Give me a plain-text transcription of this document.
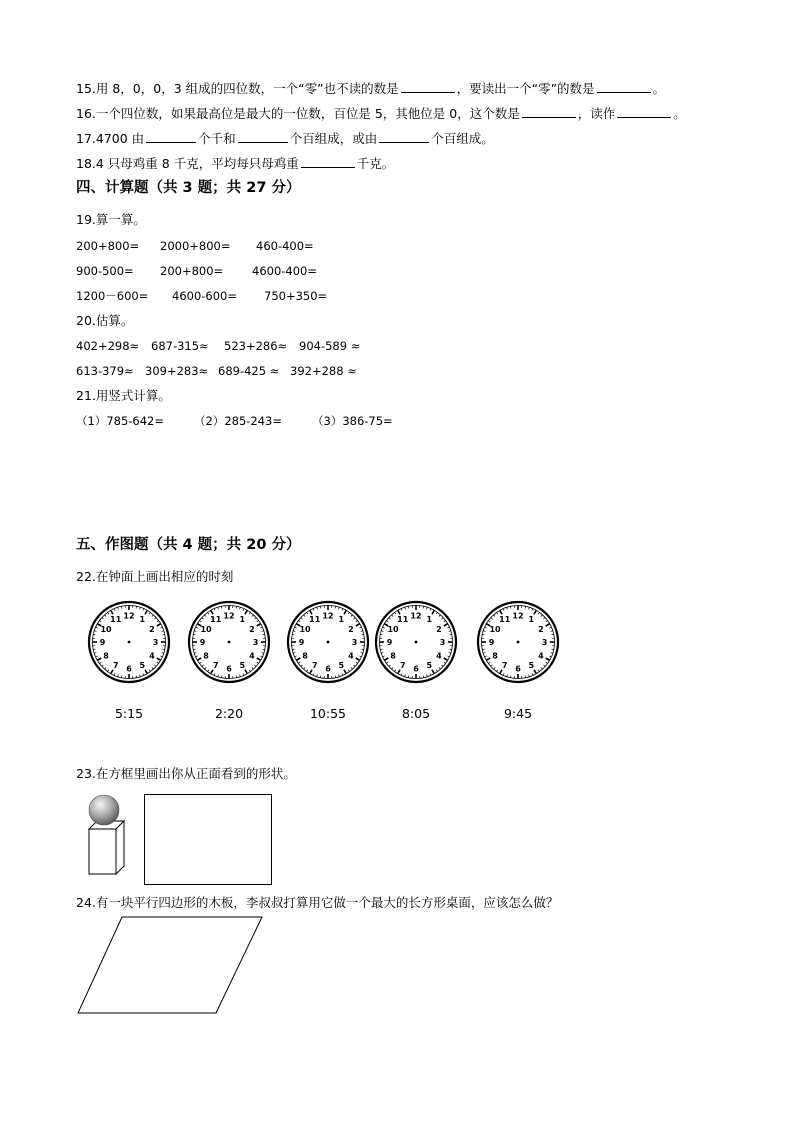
15.用 8，0，0，3 组成的四位数，一个“零”也不读的数是	，要读出一个“零”的数是	。
16.一个四位数，如果最高位是最大的一位数，百位是 5，其他位是 0，这个数是	，读作	。
17.4700 由	个千和	个百组成，或由	个百组成。
18.4 只母鸡重 8 千克，平均每只母鸡重	千克。
四、计算题（共 3 题；共 27 分）
19.算一算。
200+800= 2000+800= 460-400=
900-500= 200+800=	4600-400=
1200－600= 4600-600= 750+350=
20.估算。
402+298≈ 687-315≈ 523+286≈ 904-589 ≈
613-379≈ 309+283≈ 689-425 ≈ 392+288 ≈
21.用竖式计算。
（1）785-642=	（2）285-243=	（3）386-75=
五、作图题（共 4 题；共 20 分）
22.在钟面上画出相应的时刻
12 1
2
3
4
5
6
7
8
9
10
11	12 1
2
3
4
5
6
7
8
9
10
11	12 1
2
3
4
5
6
7
8
9
10
11	12 1
2
3
4
5
6
7
8
9
10
11	12 1
2
3
4
5
6
7
8
9
10
11
5:15	2:20	10:55	8:05	9:45
23.在方框里画出你从正面看到的形状。
24.有一块平行四边形的木板，李叔叔打算用它做一个最大的长方形桌面，应该怎么做？
